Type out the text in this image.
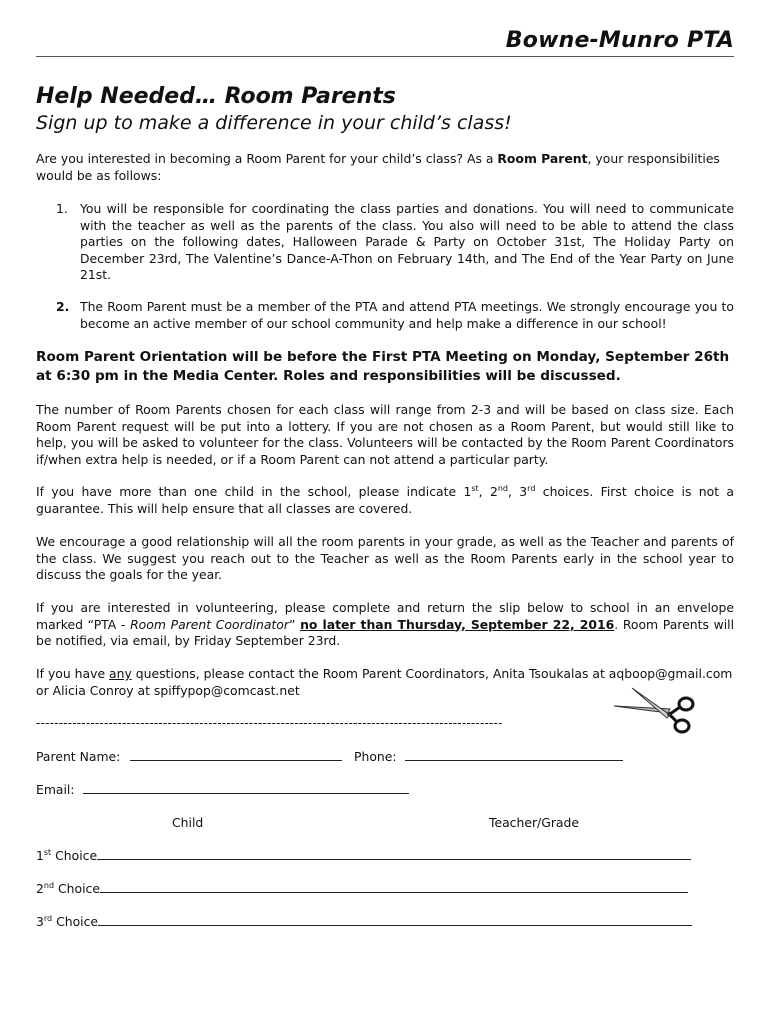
Bowne-Munro PTA
Help Needed… Room Parents
Sign up to make a difference in your child’s class!
Are you interested in becoming a Room Parent for your child’s class? As a Room Parent, your responsibilities would be as follows:
1. You will be responsible for coordinating the class parties and donations. You will need to communicate with the teacher as well as the parents of the class. You also will need to be able to attend the class parties on the following dates, Halloween Parade & Party on October 31st, The Holiday Party on December 23rd, The Valentine’s Dance-A-Thon on February 14th, and The End of the Year Party on June 21st.
2. The Room Parent must be a member of the PTA and attend PTA meetings. We strongly encourage you to become an active member of our school community and help make a difference in our school!
Room Parent Orientation will be before the First PTA Meeting on Monday, September 26th at 6:30 pm in the Media Center. Roles and responsibilities will be discussed.
The number of Room Parents chosen for each class will range from 2-3 and will be based on class size. Each Room Parent request will be put into a lottery. If you are not chosen as a Room Parent, but would still like to help, you will be asked to volunteer for the class. Volunteers will be contacted by the Room Parent Coordinators if/when extra help is needed, or if a Room Parent can not attend a particular party.
If you have more than one child in the school, please indicate 1st, 2nd, 3rd choices. First choice is not a guarantee. This will help ensure that all classes are covered.
We encourage a good relationship will all the room parents in your grade, as well as the Teacher and parents of the class. We suggest you reach out to the Teacher as well as the Room Parents early in the school year to discuss the goals for the year.
If you are interested in volunteering, please complete and return the slip below to school in an envelope marked “PTA - Room Parent Coordinator” no later than Thursday, September 22, 2016. Room Parents will be notified, via email, by Friday September 23rd.
If you have any questions, please contact the Room Parent Coordinators, Anita Tsoukalas at aqboop@gmail.com or Alicia Conroy at spiffypop@comcast.net
-------------------------------------------------------------------------------------------------------
Parent Name:	Phone:
Email:
Child	Teacher/Grade
1st Choice
2nd Choice
3rd Choice
